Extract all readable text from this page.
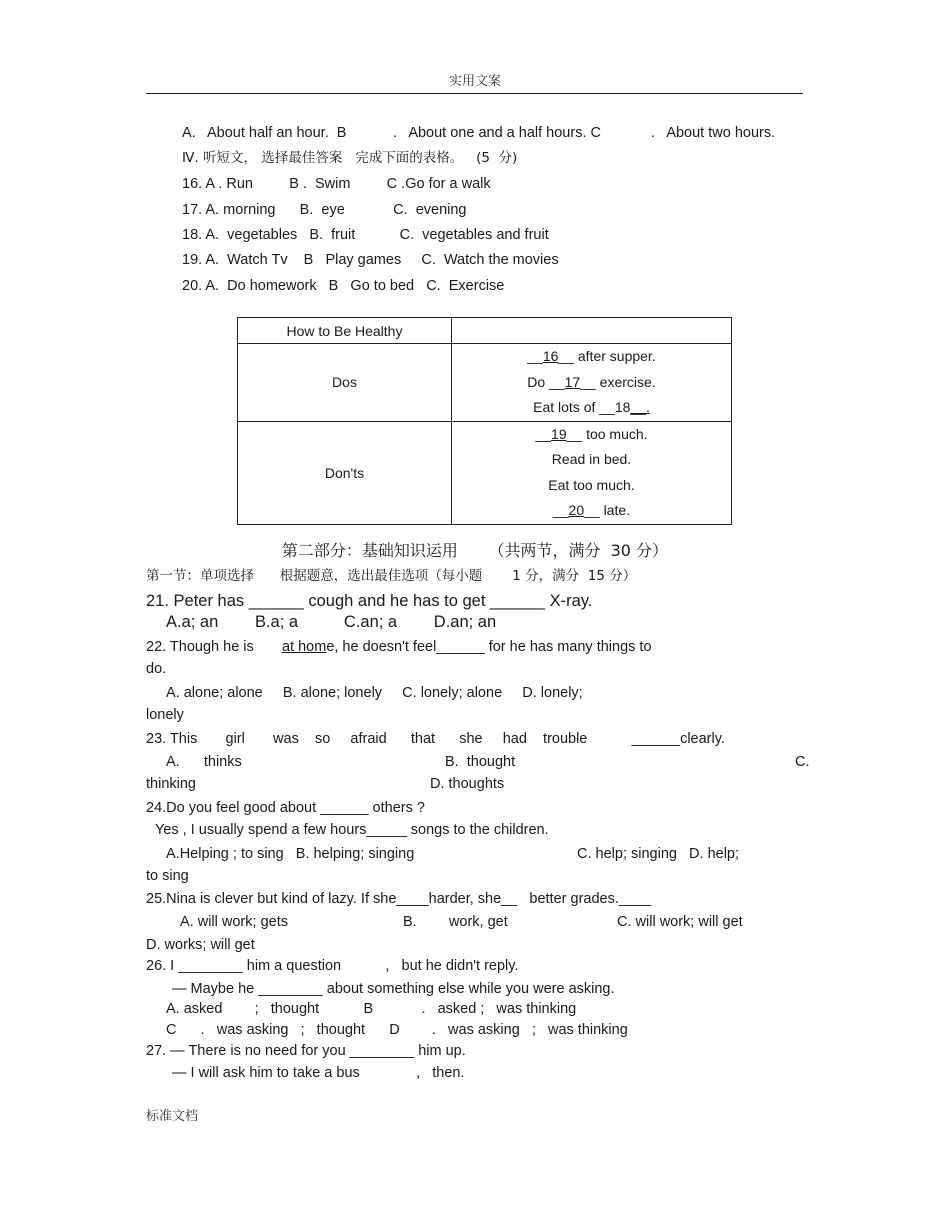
实用文案
A.   About half an hour.  B	.   About one and a half hours. C	.   About two hours.
Ⅳ. 听短文， 选择最佳答案   完成下面的表格。   (5  分)
16. A . Run         B .  Swim         C .Go for a walk
17. A. morning      B.  eye            C.  evening
18. A.  vegetables   B.  fruit           C.  vegetables and fruit
19. A.  Watch Tv    B   Play games     C.  Watch the movies
20. A.  Do homework   B   Go to bed   C.  Exercise
How to Be Healthy	
Dos	__16__ after supper.
Do __17__ exercise.
Eat lots of __18__.

Don'ts	__19__ too much.
Read in bed.
Eat too much.
__20__ late.
第二部分：基础知识运用      （共两节，满分  30 分）
第一节：单项选择      根据题意，选出最佳选项（每小题       1 分，满分  15 分）
21. Peter has ______ cough and he has to get ______ X-ray.
A.a; an        B.a; a          C.an; a        D.an; an
22. Though he is       at home, he doesn't feel______ for he has many things to
do.
A. alone; alone     B. alone; lonely     C. lonely; alone     D. lonely;
lonely
23. This       girl       was    so     afraid      that      she     had    trouble           ______clearly.
A.      thinks	B.  thought	C.
thinking	D. thoughts
24.Do you feel good about ______ others ?
Yes , I usually spend a few hours_____ songs to the children.
A.Helping ; to sing   B. helping; singing	C. help; singing   D. help;
to sing
25.Nina is clever but kind of lazy. If she____harder, she__   better grades.____
A. will work; gets	B.        work, get	C. will work; will get
D. works; will get
26. I ________ him a question           ,   but he didn't reply.
— Maybe he ________ about something else while you were asking.
A. asked        ;   thought           B            .   asked ;   was thinking
C      .   was asking   ;   thought      D        .   was asking   ;   was thinking
27. — There is no need for you ________ him up.
— I will ask him to take a bus              ,   then.
标准文档
